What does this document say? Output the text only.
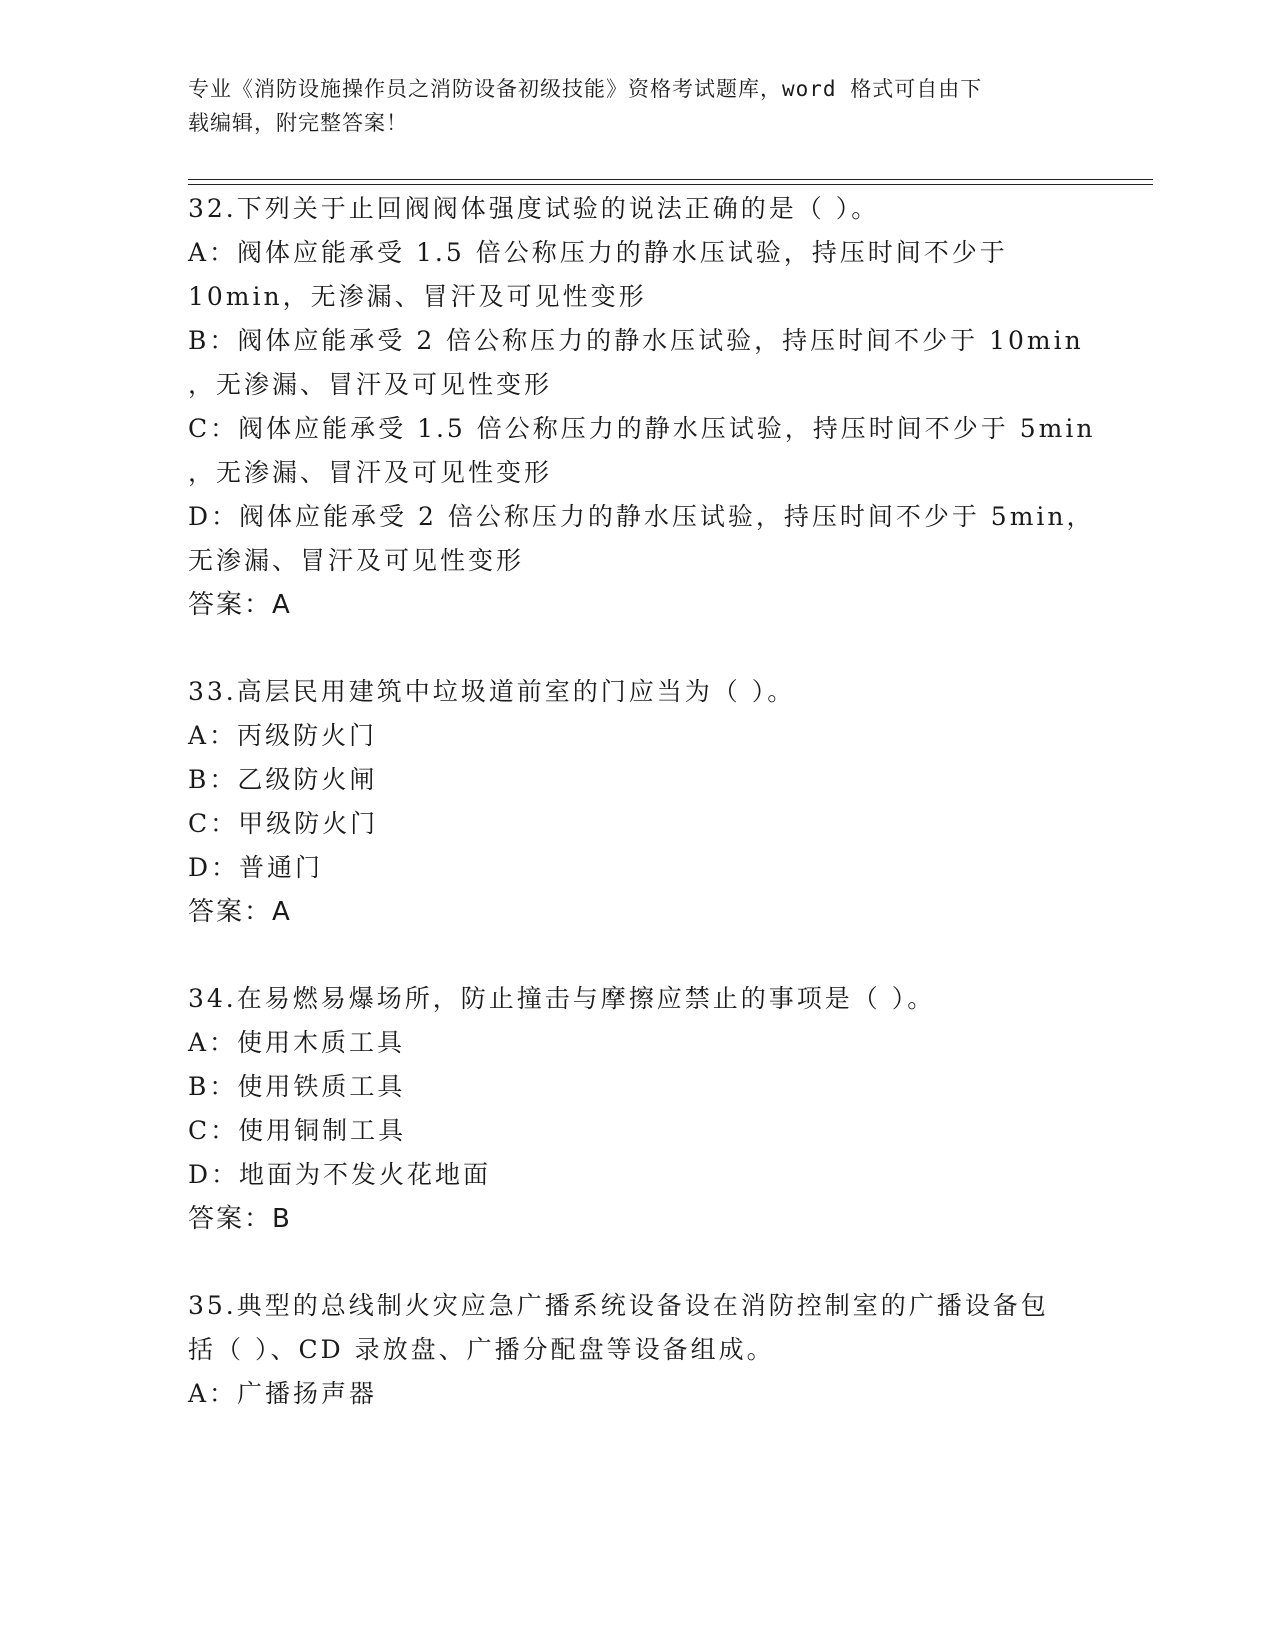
专业《消防设施操作员之消防设备初级技能》资格考试题库，word 格式可自由下
载编辑，附完整答案！
32.下列关于止回阀阀体强度试验的说法正确的是（ ）。
A：阀体应能承受 1.5 倍公称压力的静水压试验，持压时间不少于
10min，无渗漏、冒汗及可见性变形
B：阀体应能承受 2 倍公称压力的静水压试验，持压时间不少于 10min
，无渗漏、冒汗及可见性变形
C：阀体应能承受 1.5 倍公称压力的静水压试验，持压时间不少于 5min
，无渗漏、冒汗及可见性变形
D：阀体应能承受 2 倍公称压力的静水压试验，持压时间不少于 5min，
无渗漏、冒汗及可见性变形
答案：A
33.高层民用建筑中垃圾道前室的门应当为（ ）。
A：丙级防火门
B：乙级防火闸
C：甲级防火门
D：普通门
答案：A
34.在易燃易爆场所，防止撞击与摩擦应禁止的事项是（ ）。
A：使用木质工具
B：使用铁质工具
C：使用铜制工具
D：地面为不发火花地面
答案：B
35.典型的总线制火灾应急广播系统设备设在消防控制室的广播设备包
括（ ）、CD 录放盘、广播分配盘等设备组成。
A：广播扬声器
